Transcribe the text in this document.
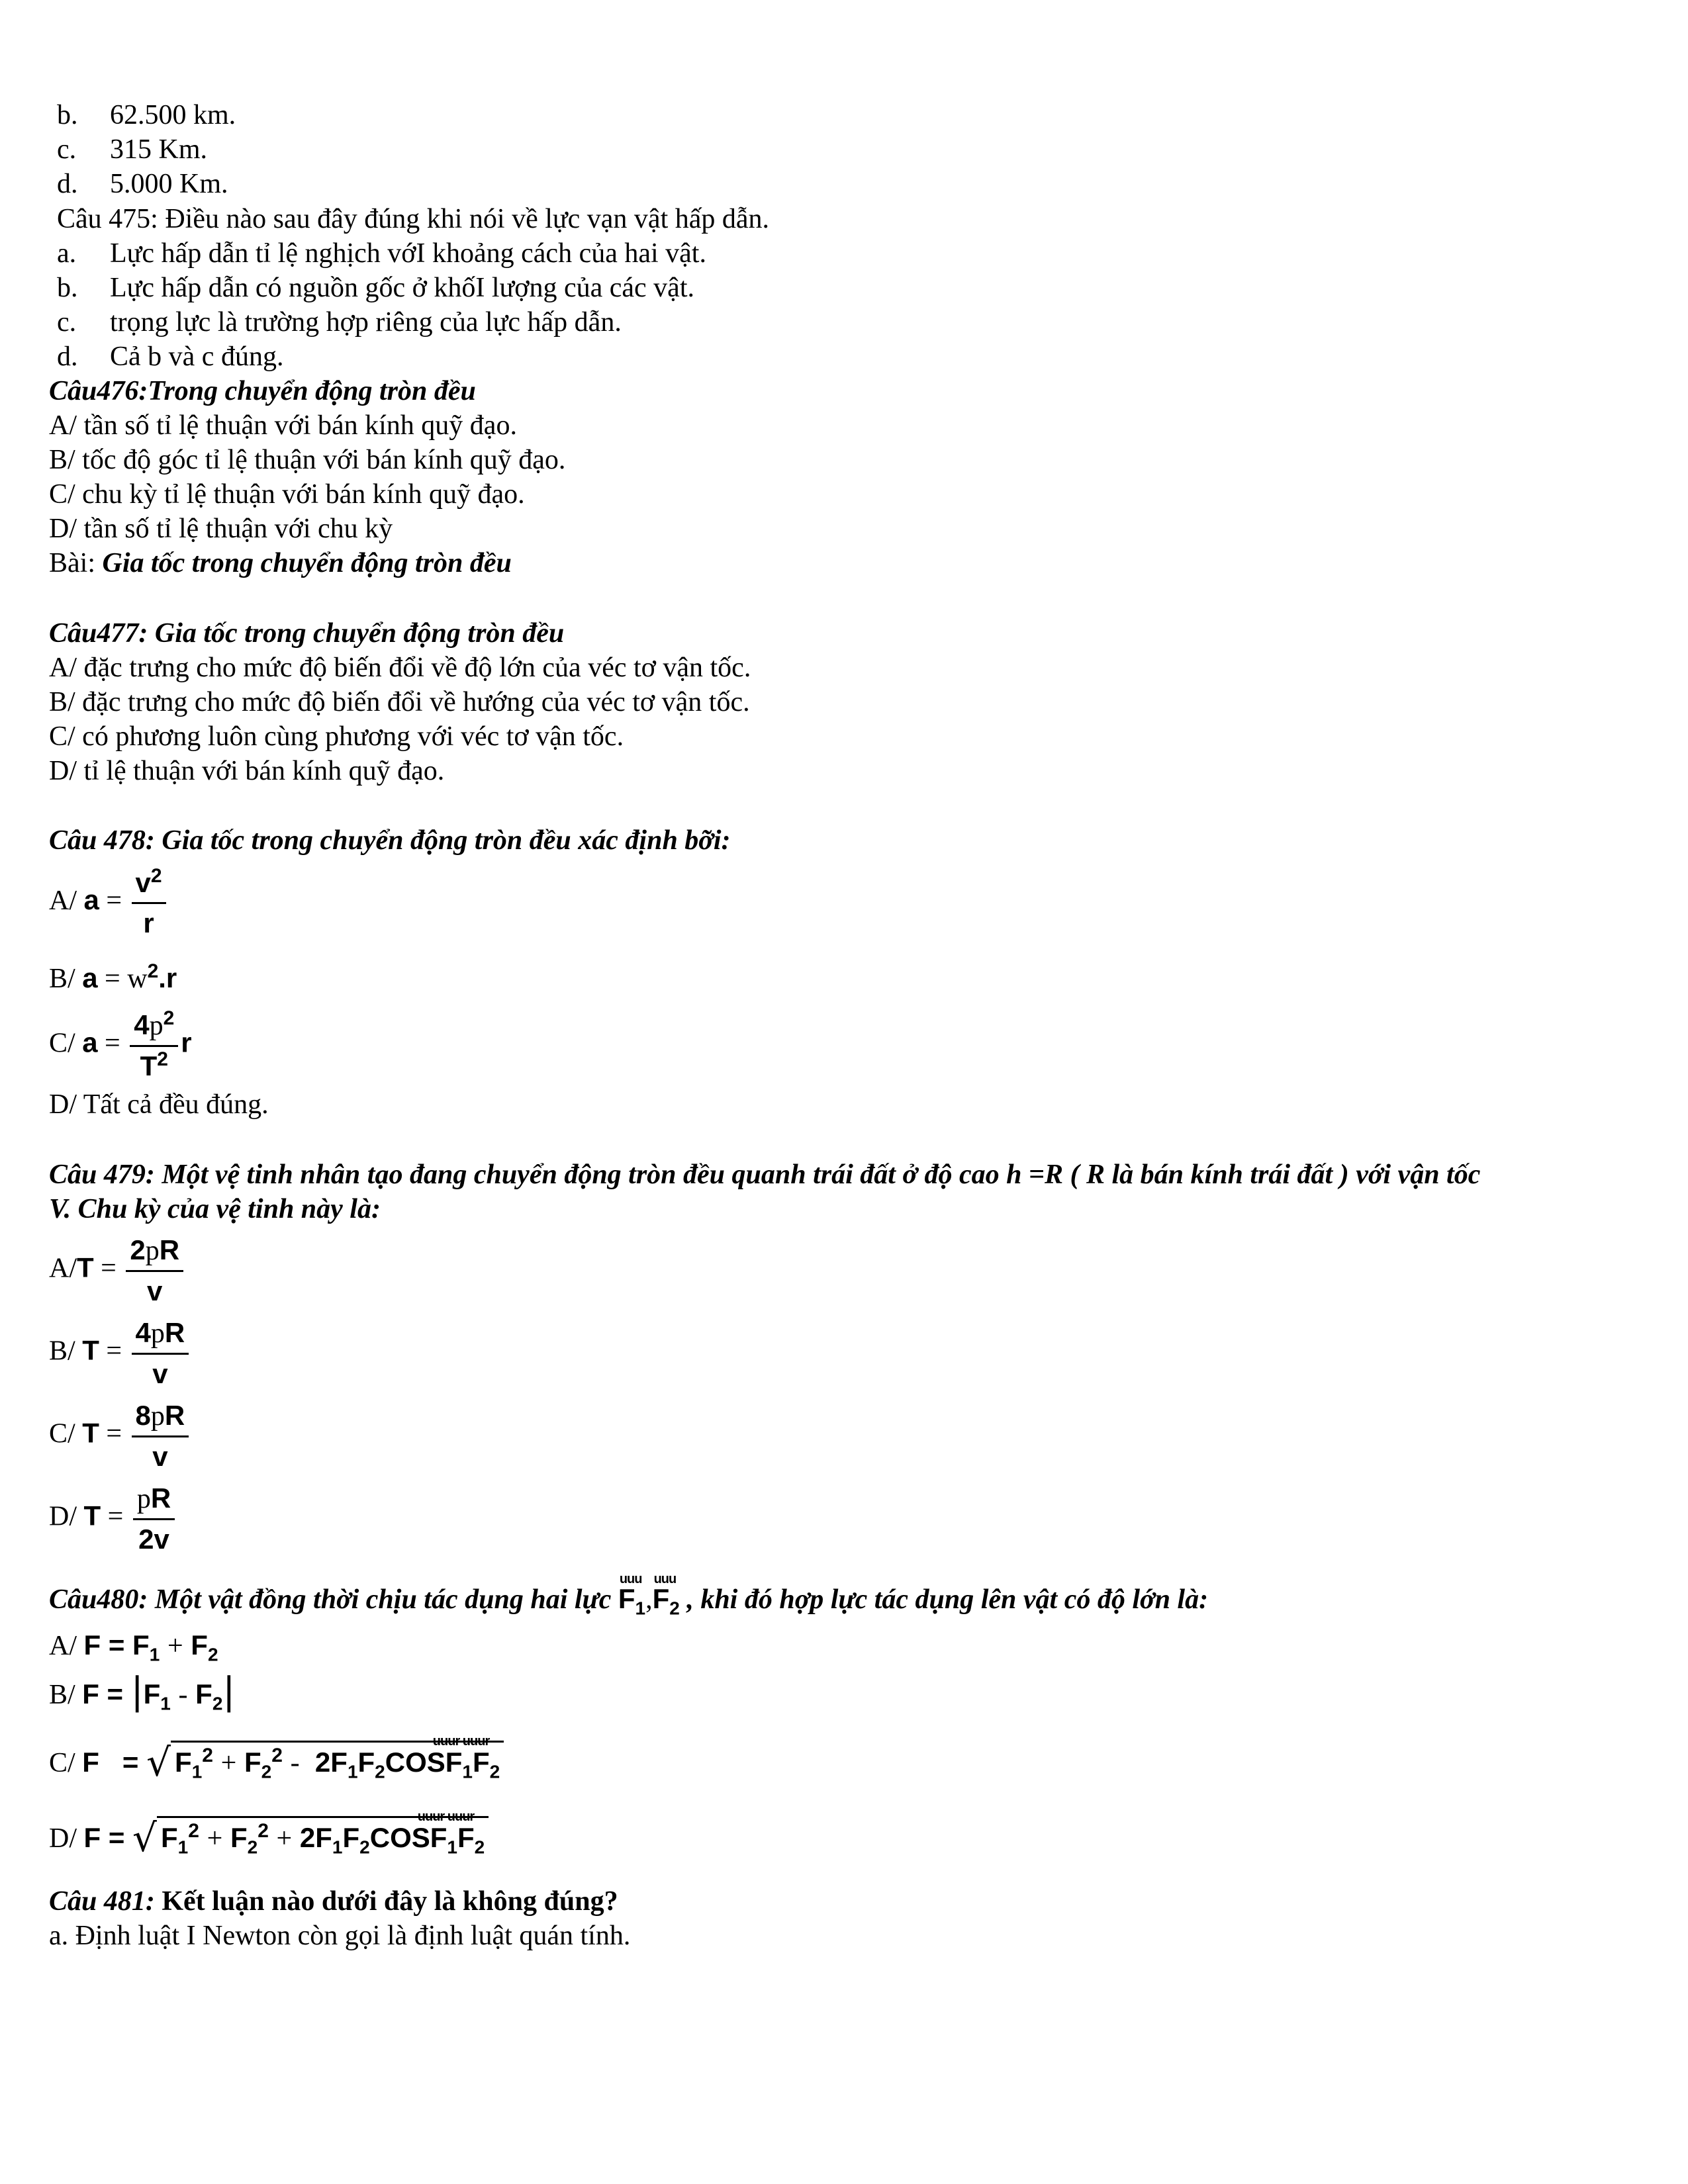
b. 62.500 km.
c. 315 Km.
d. 5.000 Km.
Câu 475: Điều nào sau đây đúng khi nói về lực vạn vật hấp dẫn.
a. Lực hấp dẫn tỉ lệ nghịch vớI khoảng cách của hai vật.
b. Lực hấp dẫn có nguồn gốc ở khốI lượng của các vật.
c. trọng lực là trường hợp riêng của lực hấp dẫn.
d. Cả b và c đúng.
Câu476:Trong chuyển động tròn đều
A/ tần số tỉ lệ thuận với bán kính quỹ đạo.
B/ tốc độ góc tỉ lệ thuận với bán kính quỹ đạo.
C/ chu kỳ tỉ lệ thuận với bán kính quỹ đạo.
D/ tần số tỉ lệ thuận với chu kỳ
Bài: Gia tốc trong chuyển động tròn đều
Câu477: Gia tốc trong chuyển động tròn đều
A/ đặc trưng cho mức độ biến đổi về độ lớn của véc tơ vận tốc.
B/ đặc trưng cho mức độ biến đổi về hướng của véc tơ vận tốc.
C/ có phương luôn cùng phương với véc tơ vận tốc.
D/ tỉ lệ thuận với bán kính quỹ đạo.
Câu 478: Gia tốc trong chuyển động tròn đều xác định bỡi:
A/ $a = \frac{v^2}{r}$
B/ $a = w^2.r$
C/ $a = \frac{4p^2}{T^2}$ r
D/ Tất cả đều đúng.
Câu 479: Một vệ tinh nhân tạo đang chuyển động tròn đều quanh trái đất ở độ cao h =R ( R là bán kính trái đất ) với vận tốc
V. Chu kỳ của vệ tinh này là:
$A/T = \frac{2pR}{v}$
B/ $T = \frac{4pR}{v}$
C/ $T = \frac{8pR}{v}$
D/ $T = \frac{pR}{2v}$
Câu480: Một vật đồng thời chịu tác dụng hai lực
uuu
$F_1$,
uuu
$F_2$ , khi đó hợp lực tác dụng lên vật có độ lớn là:
A/ $F = F_1 + F_2$
B/ $F = |F_1 - F_2|$
C/ F = √	uuur uuur
$F_1^2 + F_2^2$ - $2F_1F_2COSF_1F_2$
D/ F = √	uuur uuur
$F_1^2 + F_2^2$ + $2F_1F_2COSF_1F_2$
Câu 481: Kết luận nào dưới đây là không đúng?
a. Định luật I Newton còn gọi là định luật quán tính.
